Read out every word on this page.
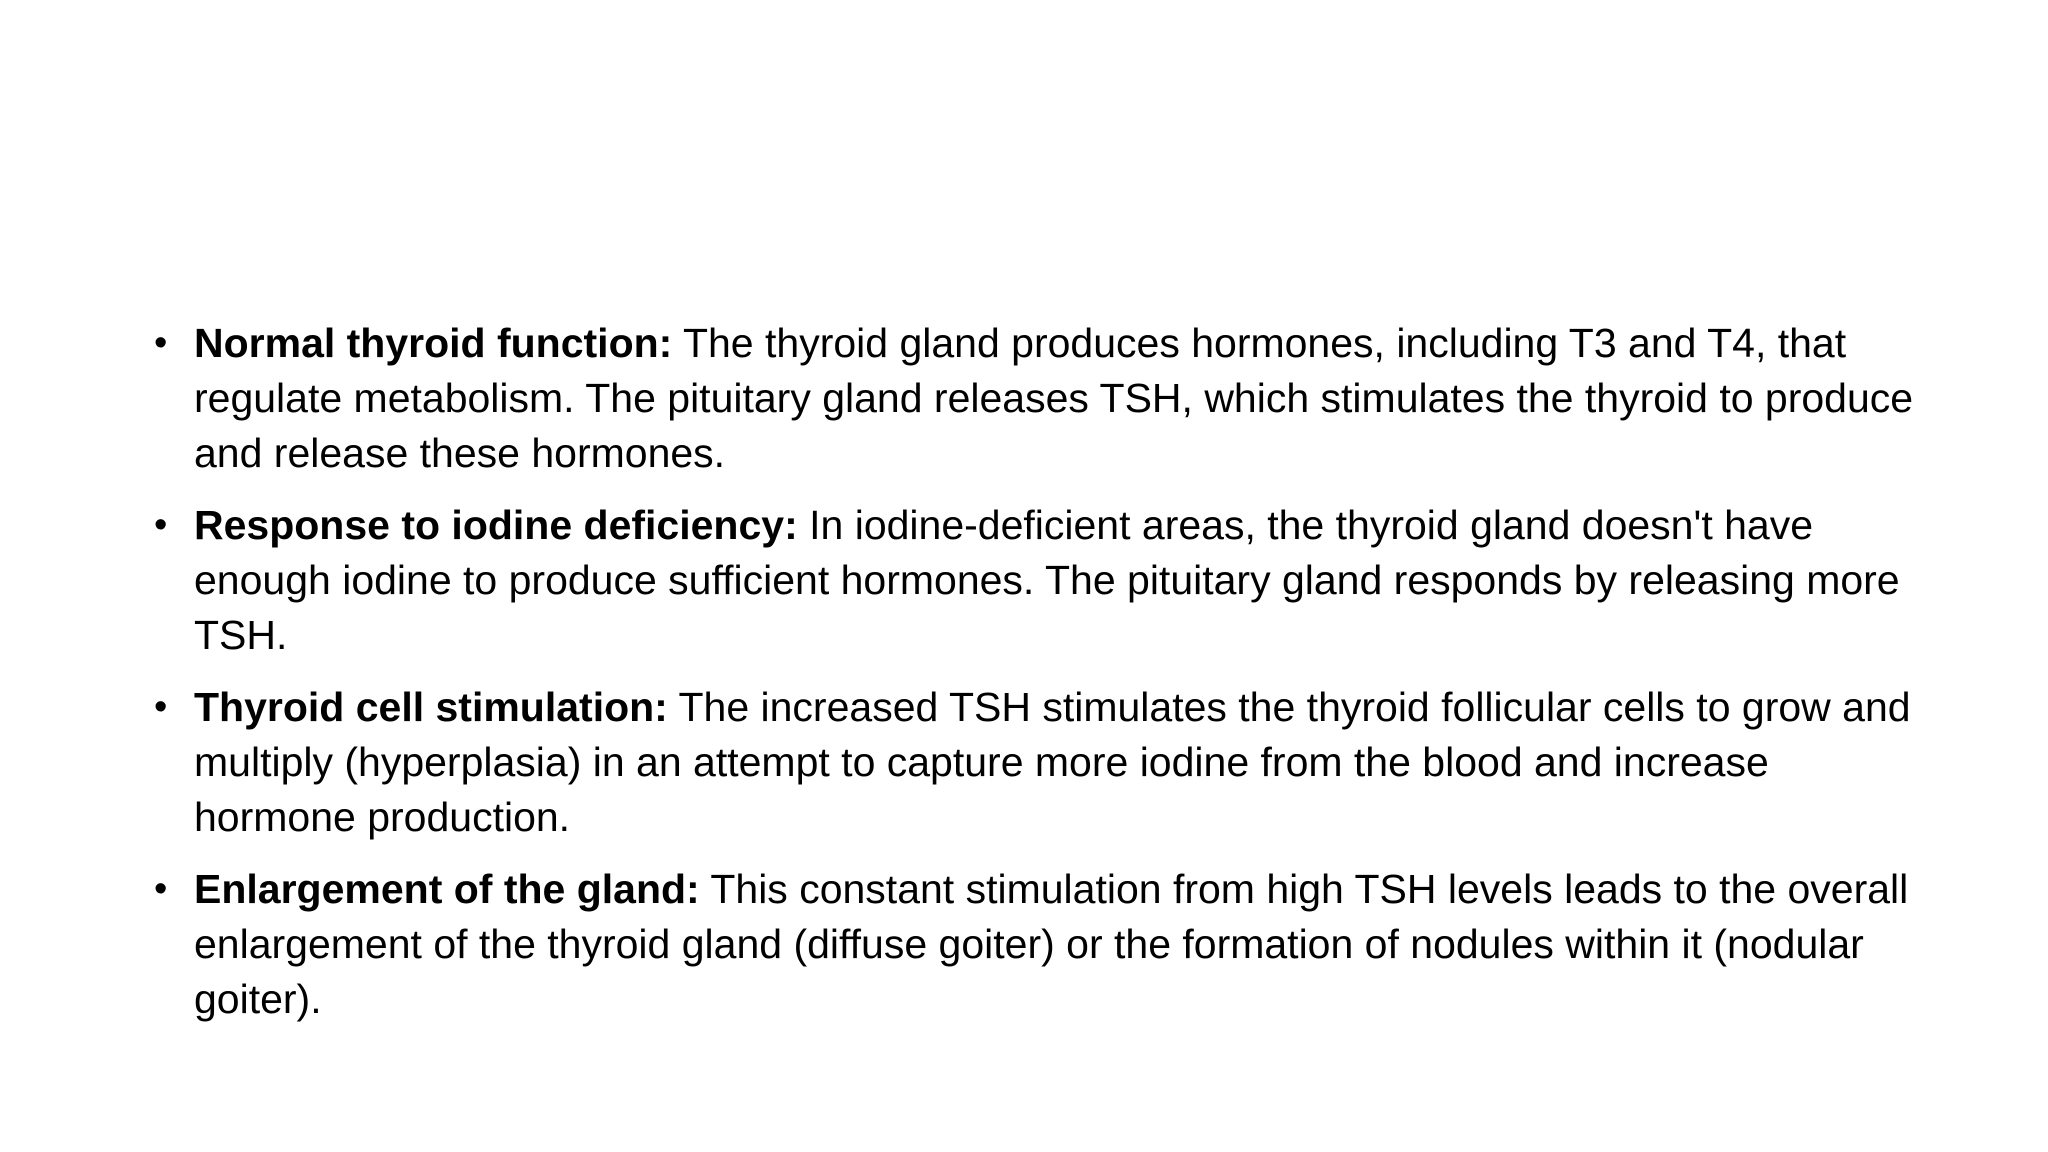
• Normal thyroid function: The thyroid gland produces hormones, including T3 and T4, that regulate metabolism. The pituitary gland releases TSH, which stimulates the thyroid to produce and release these hormones.
• Response to iodine deficiency: In iodine-deficient areas, the thyroid gland doesn't have enough iodine to produce sufficient hormones. The pituitary gland responds by releasing more TSH.
• Thyroid cell stimulation: The increased TSH stimulates the thyroid follicular cells to grow and multiply (hyperplasia) in an attempt to capture more iodine from the blood and increase hormone production.
• Enlargement of the gland: This constant stimulation from high TSH levels leads to the overall enlargement of the thyroid gland (diffuse goiter) or the formation of nodules within it (nodular goiter).
